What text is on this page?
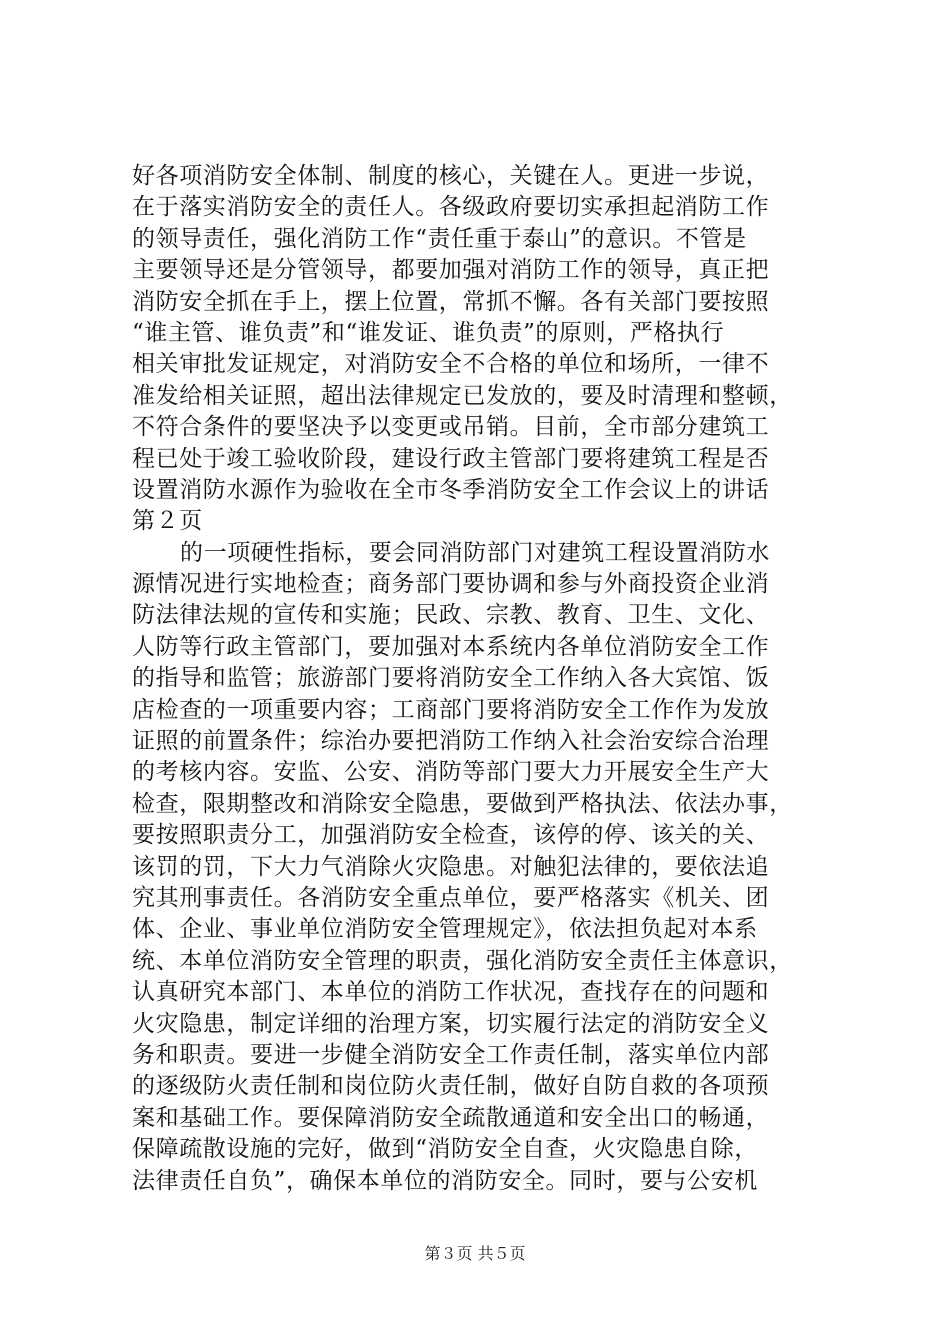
好各项消防安全体制、制度的核心，关键在人。更进一步说，
在于落实消防安全的责任人。各级政府要切实承担起消防工作
的领导责任，强化消防工作“责任重于泰山”的意识。不管是
主要领导还是分管领导，都要加强对消防工作的领导，真正把
消防安全抓在手上，摆上位置，常抓不懈。各有关部门要按照
“谁主管、谁负责”和“谁发证、谁负责”的原则，严格执行
相关审批发证规定，对消防安全不合格的单位和场所，一律不
准发给相关证照，超出法律规定已发放的，要及时清理和整顿，
不符合条件的要坚决予以变更或吊销。目前，全市部分建筑工
程已处于竣工验收阶段，建设行政主管部门要将建筑工程是否
设置消防水源作为验收在全市冬季消防安全工作会议上的讲话
第２页
的一项硬性指标，要会同消防部门对建筑工程设置消防水
源情况进行实地检查；商务部门要协调和参与外商投资企业消
防法律法规的宣传和实施；民政、宗教、教育、卫生、文化、
人防等行政主管部门，要加强对本系统内各单位消防安全工作
的指导和监管；旅游部门要将消防安全工作纳入各大宾馆、饭
店检查的一项重要内容；工商部门要将消防安全工作作为发放
证照的前置条件；综治办要把消防工作纳入社会治安综合治理
的考核内容。安监、公安、消防等部门要大力开展安全生产大
检查，限期整改和消除安全隐患，要做到严格执法、依法办事，
要按照职责分工，加强消防安全检查，该停的停、该关的关、
该罚的罚，下大力气消除火灾隐患。对触犯法律的，要依法追
究其刑事责任。各消防安全重点单位，要严格落实《机关、团
体、企业、事业单位消防安全管理规定》，依法担负起对本系
统、本单位消防安全管理的职责，强化消防安全责任主体意识，
认真研究本部门、本单位的消防工作状况，查找存在的问题和
火灾隐患，制定详细的治理方案，切实履行法定的消防安全义
务和职责。要进一步健全消防安全工作责任制，落实单位内部
的逐级防火责任制和岗位防火责任制，做好自防自救的各项预
案和基础工作。要保障消防安全疏散通道和安全出口的畅通，
保障疏散设施的完好，做到“消防安全自查，火灾隐患自除，
法律责任自负”，确保本单位的消防安全。同时，要与公安机
第３页 共５页
